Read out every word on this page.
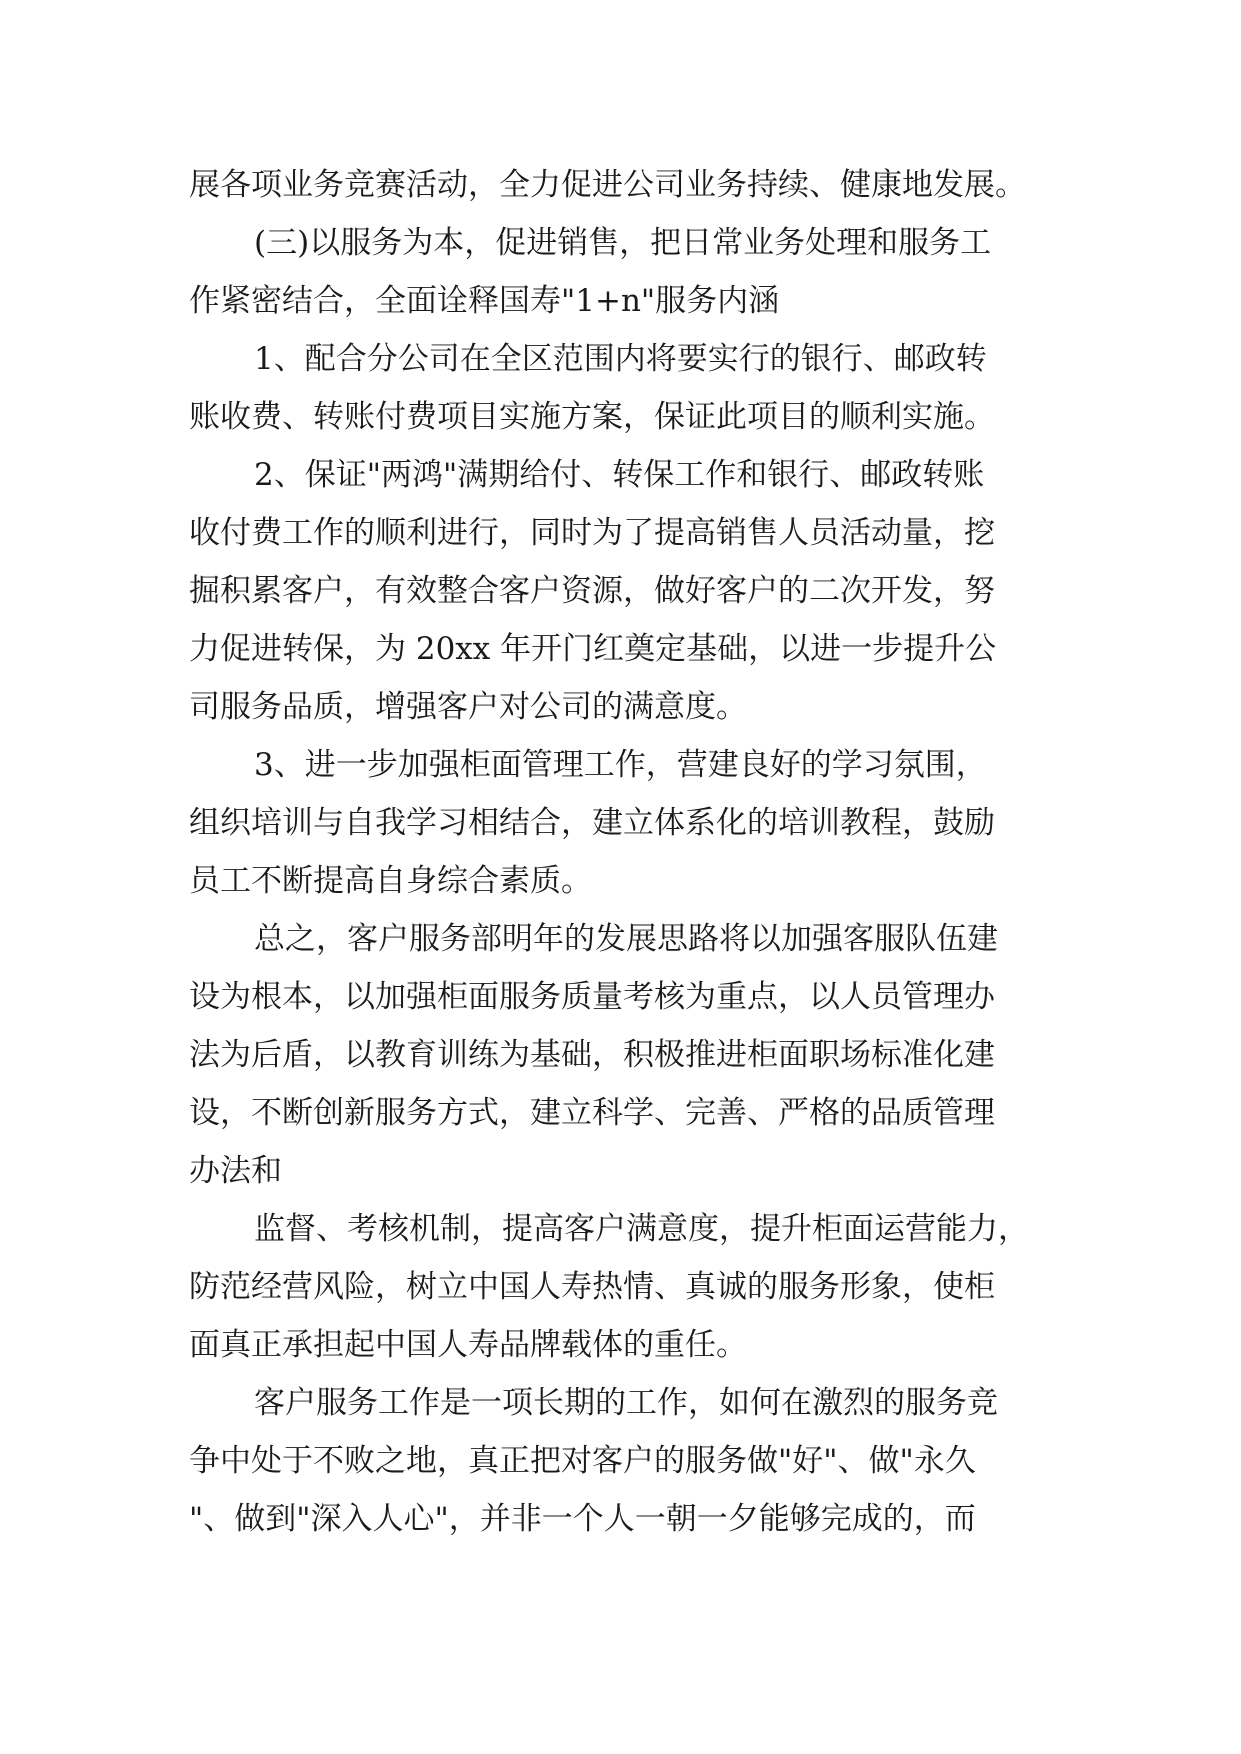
展各项业务竞赛活动，全力促进公司业务持续、健康地发展。
(三)以服务为本，促进销售，把日常业务处理和服务工
作紧密结合，全面诠释国寿"1+n"服务内涵
1、配合分公司在全区范围内将要实行的银行、邮政转
账收费、转账付费项目实施方案，保证此项目的顺利实施。
2、保证"两鸿"满期给付、转保工作和银行、邮政转账
收付费工作的顺利进行，同时为了提高销售人员活动量，挖
掘积累客户，有效整合客户资源，做好客户的二次开发，努
力促进转保，为 20xx 年开门红奠定基础，以进一步提升公
司服务品质，增强客户对公司的满意度。
3、进一步加强柜面管理工作，营建良好的学习氛围，
组织培训与自我学习相结合，建立体系化的培训教程，鼓励
员工不断提高自身综合素质。
总之，客户服务部明年的发展思路将以加强客服队伍建
设为根本，以加强柜面服务质量考核为重点，以人员管理办
法为后盾，以教育训练为基础，积极推进柜面职场标准化建
设，不断创新服务方式，建立科学、完善、严格的品质管理
办法和
监督、考核机制，提高客户满意度，提升柜面运营能力，
防范经营风险，树立中国人寿热情、真诚的服务形象，使柜
面真正承担起中国人寿品牌载体的重任。
客户服务工作是一项长期的工作，如何在激烈的服务竞
争中处于不败之地，真正把对客户的服务做"好"、做"永久
"、做到"深入人心"，并非一个人一朝一夕能够完成的，而
